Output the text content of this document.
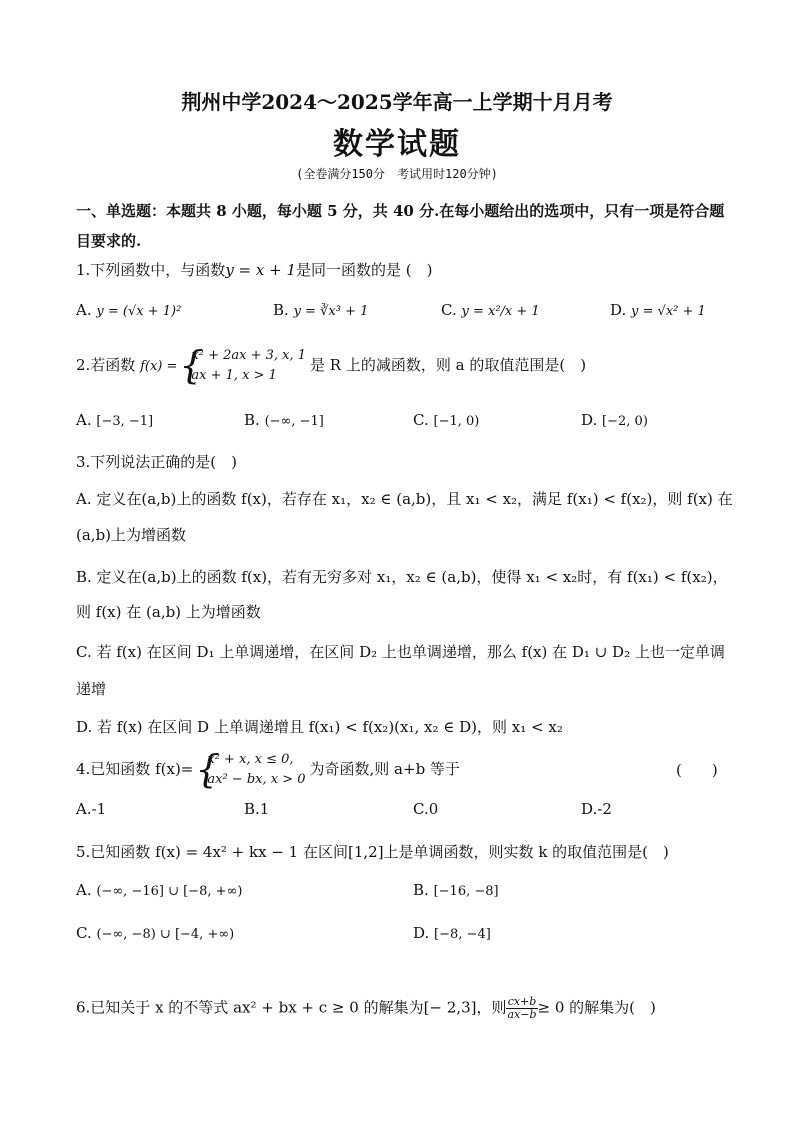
荆州中学2024～2025学年高一上学期十月月考
数学试题
(全卷满分150分　考试用时120分钟)
一、单选题：本题共 8 小题，每小题 5 分，共 40 分.在每小题给出的选项中，只有一项是符合题目要求的.
1.下列函数中，与函数y = x + 1是同一函数的是 (　)
A. y = (√x + 1)²	B. y = ∛x³ + 1	C. y = x²/x + 1	D. y = √x² + 1
2.若函数 f(x) =
{ x² + 2ax + 3, x, 1
ax + 1, x > 1
是 R 上的减函数，则 a 的取值范围是(　)
A. [−3, −1]	B. (−∞, −1]	C. [−1, 0)	D. [−2, 0)
3.下列说法正确的是(　)
A. 定义在(a,b)上的函数 f(x)，若存在 x₁，x₂ ∈ (a,b)，且 x₁ < x₂，满足 f(x₁) < f(x₂)，则 f(x) 在
(a,b)上为增函数
B. 定义在(a,b)上的函数 f(x)，若有无穷多对 x₁，x₂ ∈ (a,b)，使得 x₁ < x₂时，有 f(x₁) < f(x₂)，
则 f(x) 在 (a,b) 上为增函数
C. 若 f(x) 在区间 D₁ 上单调递增，在区间 D₂ 上也单调递增，那么 f(x) 在 D₁ ∪ D₂ 上也一定单调
递增
D. 若 f(x) 在区间 D 上单调递增且 f(x₁) < f(x₂)(x₁, x₂ ∈ D)，则 x₁ < x₂
4.已知函数 f(x)=
{ x² + x, x ≤ 0,
ax² − bx, x > 0
为奇函数,则 a+b 等于	(　　)
A.-1	B.1	C.0	D.-2
5.已知函数 f(x) = 4x² + kx − 1 在区间[1,2]上是单调函数，则实数 k 的取值范围是(　)
A. (−∞, −16] ∪ [−8, +∞)	B. [−16, −8]
C. (−∞, −8) ∪ [−4, +∞)	D. [−8, −4]
6.已知关于 x 的不等式 ax² + bx + c ≥ 0 的解集为[− 2,3]，则 $\frac{cx+b}{ax-b} \ge 0$ 的解集为(　)
